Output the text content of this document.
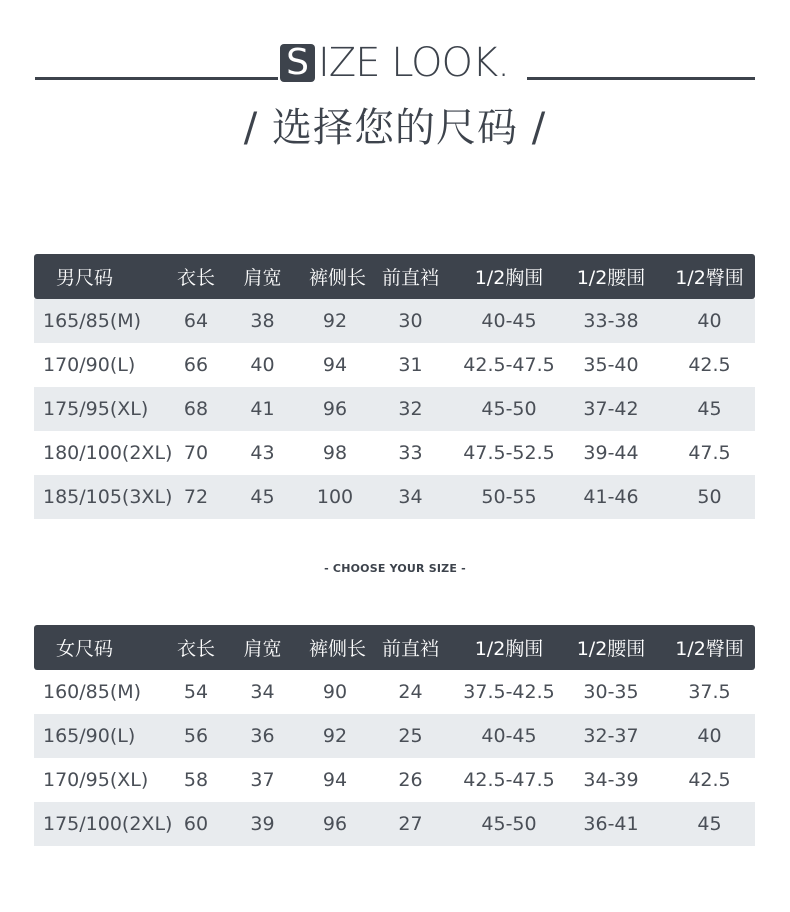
S IZE LOOK.
/ 选择您的尺码 /
男尺码	衣长	肩宽	裤侧长 前直裆	1/2胸围	1/2腰围	1/2臀围
165/85(M)	64	38	92	30	40-45	33-38	40
170/90(L)	66	40	94	31	42.5-47.5	35-40	42.5
175/95(XL)	68	41	96	32	45-50	37-42	45
180/100(2XL) 70	43	98	33	47.5-52.5	39-44	47.5
185/105(3XL) 72	45	100	34	50-55	41-46	50
- CHOOSE YOUR SIZE -
女尺码	衣长	肩宽	裤侧长 前直裆	1/2胸围	1/2腰围	1/2臀围
160/85(M)	54	34	90	24	37.5-42.5	30-35	37.5
165/90(L)	56	36	92	25	40-45	32-37	40
170/95(XL)	58	37	94	26	42.5-47.5	34-39	42.5
175/100(2XL) 60	39	96	27	45-50	36-41	45
